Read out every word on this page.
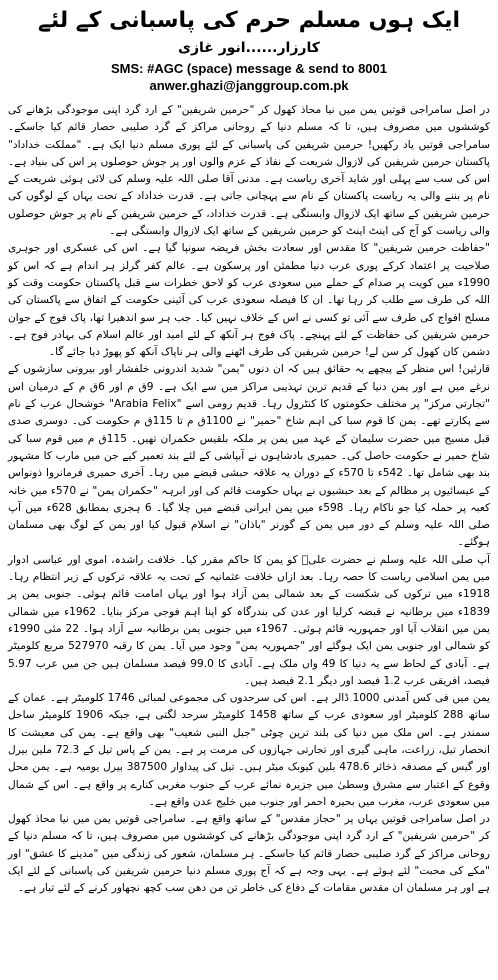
ایک ہوں مسلم حرم کی پاسبانی کے لئے
کارزار......انور غازی
SMS: #AGC (space) message & send to 8001
anwer.ghazi@janggroup.com.pk

در اصل سامراجی قوتیں یمن میں نیا محاذ کھول کر "حرمین شریفین" کے ارد گرد اپنی موجودگی بڑھانے کی کوششوں میں مصروف ہیں، تا کہ مسلم دنیا کے روحانی مراکز کے گرد صلیبی حصار قائم کیا جاسکے۔ سامراجی قوتیں یاد رکھیں! حرمین شریفین کی پاسبانی کے لئے پوری مسلم دنیا ایک ہے۔ "مملکت خداداد" پاکستان حرمین شریفین کی لازوال شریعت کے نفاذ کے عزم والوں اور پر جوش حوصلوں پر اس کی بنیاد ہے۔ اس کی سب سے پہلی اور شاید آخری ریاست ہے۔ مدنی آقا صلی اللہ علیہ وسلم کی لائی ہوئی شریعت کے نام پر بننے والی یہ ریاست پاکستان کے نام سے پہچانی جاتی ہے۔ قدرت خداداد کے تحت یہاں کے لوگوں کی حرمین شریفین کے ساتھ ایک لازوال وابستگی ہے۔ قدرت خداداد، کے حرمین شریفین کے نام پر جوش حوصلوں والی ریاست کو آج کی اینٹ اینٹ کو حرمین شریفین کے ساتھ ایک لازوال وابستگی ہے۔

"حفاظت حرمین شریفین" کا مقدس اور سعادت بخش فریضہ سونپا گیا ہے۔ اس کی عسکری اور جوہری صلاحیت پر اعتماد کرکے پوری عرب دنیا مطمئن اور پرسکون ہے۔ عالم کفر گرلز ہر اندام ہے کہ اس کو 1990ء میں کویت پر صدام کے حملے میں سعودی عرب کو لاحق خطرات سے قبل پاکستان حکومت وقت کو اللہ کی طرف سے طلب کر رہا تھا۔ ان کا فیصلہ سعودی عرب کی آئینی حکومت کے اتفاق سے پاکستان کی مسلح افواج کی طرف سے آئی تو کسی نے اس کے خلاف نہیں کیا۔ جب ہر سو اندھیرا تھا، پاک فوج کے جوان حرمین شریفین کی حفاظت کے لئے پہنچے۔ پاک فوج ہر آنکھ کے لئے امید اور عالم اسلام کی بہادر فوج ہے۔ دشمن کان کھول کر سن لے! حرمین شریفین کی طرف اٹھنے والی ہر ناپاک آنکھ کو پھوڑ دیا جائے گا۔

قارئین! اس منظر کے پیچھے یہ حقائق ہیں کہ ان دنوں "یمن" شدید اندرونی خلفشار اور بیرونی سازشوں کے نرغے میں ہے اور یمن دنیا کے قدیم ترین تہذیبی مراکز میں سے ایک ہے۔ 9ق م اور 6ق م کے درمیان اس "تجارتی مرکز" پر مختلف حکومتوں کا کنٹرول رہا۔ قدیم رومی اسے "Arabia Felix" خوشحال عرب کے نام سے پکارتے تھے۔ یمن کا قوم سبا کی اہم شاخ "حمیر" نے 1100ق م تا 115ق م حکومت کی۔ دوسری صدی قبل مسیح میں حضرت سلیمان کے عہد میں یمن پر ملکہ بلقیس حکمران تھیں۔ 115ق م میں قوم سبا کی شاخ حمیر نے حکومت حاصل کی۔ حمیری بادشاہوں نے آبپاشی کے لئے بند تعمیر کیے جن میں مارب کا مشہور بند بھی شامل تھا۔ 542ء تا 570ء کے دوران یہ علاقہ حبشی قبضے میں رہا۔ آخری حمیری فرمانروا ذونواس کے عیسائیوں پر مظالم کے بعد حبشیوں نے یہاں حکومت قائم کی اور ابرہہ "حکمران یمن" نے 570ء میں خانہ کعبہ پر حملہ کیا جو ناکام رہا۔ 598ء میں یمن ایرانی قبضے میں چلا گیا۔ 6 ہجری بمطابق 628ء میں آپ صلی اللہ علیہ وسلم کے دور میں یمن کے گورنر "باذان" نے اسلام قبول کیا اور یمن کے لوگ بھی مسلمان ہوگئے۔

آپ صلی اللہ علیہ وسلم نے حضرت علیؓ کو یمن کا حاکم مقرر کیا۔ خلافت راشدہ، اموی اور عباسی ادوار میں یمن اسلامی ریاست کا حصہ رہا۔ بعد ازاں خلافت عثمانیہ کے تحت یہ علاقہ ترکوں کے زیر انتظام رہا۔ 1918ء میں ترکوں کی شکست کے بعد شمالی یمن آزاد ہوا اور یہاں امامت قائم ہوئی۔ جنوبی یمن پر 1839ء میں برطانیہ نے قبضہ کرلیا اور عدن کی بندرگاہ کو اپنا اہم فوجی مرکز بنایا۔ 1962ء میں شمالی یمن میں انقلاب آیا اور جمہوریہ قائم ہوئی۔ 1967ء میں جنوبی یمن برطانیہ سے آزاد ہوا۔ 22 مئی 1990ء کو شمالی اور جنوبی یمن ایک ہوگئے اور "جمہوریہ یمن" وجود میں آیا۔ یمن کا رقبہ 527970 مربع کلومیٹر ہے۔ آبادی کے لحاظ سے یہ دنیا کا 49 واں ملک ہے۔ آبادی کا 99.0 فیصد مسلمان ہیں جن میں عرب 5.97 فیصد، افریقی عرب 1.2 فیصد اور دیگر 2.1 فیصد ہیں۔

یمن میں فی کس آمدنی 1000 ڈالر ہے۔ اس کی سرحدوں کی مجموعی لمبائی 1746 کلومیٹر ہے۔ عمان کے ساتھ 288 کلومیٹر اور سعودی عرب کے ساتھ 1458 کلومیٹر سرحد لگتی ہے، جبکہ 1906 کلومیٹر ساحل سمندر ہے۔ اس ملک میں دنیا کی بلند ترین چوٹی "جبل النبی شعیب" بھی واقع ہے۔ یمن کی معیشت کا انحصار تیل، زراعت، ماہی گیری اور تجارتی جہازوں کی مرمت پر ہے۔ یمن کے پاس تیل کے 72.3 ملین بیرل اور گیس کے مصدقہ ذخائر 478.6 بلین کیوبک میٹر ہیں۔ تیل کی پیداوار 387500 بیرل یومیہ ہے۔ یمن محل وقوع کے اعتبار سے مشرق وسطیٰ میں جزیرہ نمائے عرب کے جنوب مغربی کنارے پر واقع ہے۔ اس کے شمال میں سعودی عرب، مغرب میں بحیرہ احمر اور جنوب میں خلیج عدن واقع ہے۔

در اصل سامراجی قوتیں یہاں پر "حجاز مقدس" کے ساتھ واقع ہے۔ سامراجی قوتیں یمن میں نیا محاذ کھول کر "حرمین شریفین" کے ارد گرد اپنی موجودگی بڑھانے کی کوششوں میں مصروف ہیں، تا کہ مسلم دنیا کے روحانی مراکز کے گرد صلیبی حصار قائم کیا جاسکے۔ ہر مسلمان، شعور کی زندگی میں "مدینے کا عشق" اور "مکے کی محبت" لئے ہوئے ہے۔ یہی وجہ ہے کہ آج پوری مسلم دنیا حرمین شریفین کی پاسبانی کے لئے ایک ہے اور ہر مسلمان ان مقدس مقامات کے دفاع کی خاطر تن من دھن سب کچھ نچھاور کرنے کے لئے تیار ہے۔
